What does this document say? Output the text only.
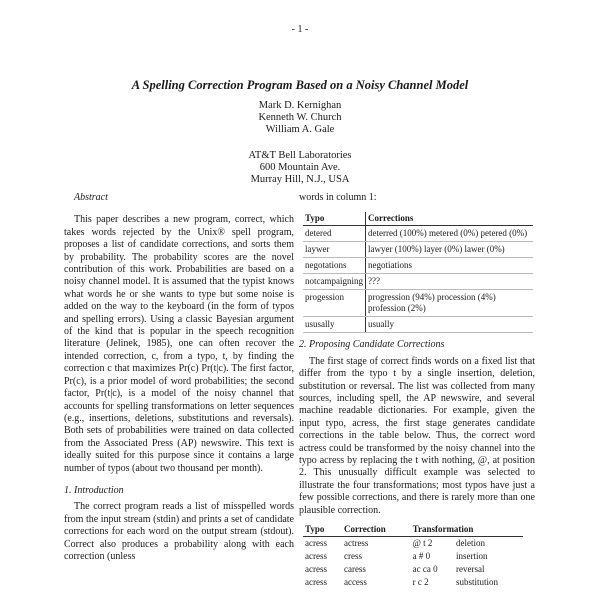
- 1 -
A Spelling Correction Program Based on a Noisy Channel Model
Mark D. Kernighan
Kenneth W. Church
William A. Gale
AT&T Bell Laboratories
600 Mountain Ave.
Murray Hill, N.J., USA
Abstract

This paper describes a new program, correct, which takes words rejected by the Unix® spell program, proposes a list of candidate corrections, and sorts them by probability. The probability scores are the novel contribution of this work. Probabilities are based on a noisy channel model. It is assumed that the typist knows what words he or she wants to type but some noise is added on the way to the keyboard (in the form of typos and spelling errors). Using a classic Bayesian argument of the kind that is popular in the speech recognition literature (Jelinek, 1985), one can often recover the intended correction, c, from a typo, t, by finding the correction c that maximizes Pr(c) Pr(t|c). The first factor, Pr(c), is a prior model of word probabilities; the second factor, Pr(t|c), is a model of the noisy channel that accounts for spelling transformations on letter sequences (e.g., insertions, deletions, substitutions and reversals). Both sets of probabilities were trained on data collected from the Associated Press (AP) newswire. This text is ideally suited for this purpose since it contains a large number of typos (about two thousand per month).

1. Introduction

The correct program reads a list of misspelled words from the input stream (stdin) and prints a set of candidate corrections for each word on the output stream (stdout). Correct also produces a probability along with each correction (unless

words in column 1:
Typo	Corrections
detered	deterred (100%) metered (0%) petered (0%)
laywer	lawyer (100%) layer (0%) lawer (0%)
negotations	negotiations
notcampaigning	???
progession	progression (94%) procession (4%) profession (2%)
ususally	usually
2. Proposing Candidate Corrections

The first stage of correct finds words on a fixed list that differ from the typo t by a single insertion, deletion, substitution or reversal. The list was collected from many sources, including spell, the AP newswire, and several machine readable dictionaries. For example, given the input typo, acress, the first stage generates candidate corrections in the table below. Thus, the correct word actress could be transformed by the noisy channel into the typo acress by replacing the t with nothing, @, at position 2. This unusually difficult example was selected to illustrate the four transformations; most typos have just a few possible corrections, and there is rarely more than one plausible correction.

Typo	Correction	Transformation	
acress	actress	@ t 2	deletion
acress	cress	a # 0	insertion
acress	caress	ac ca 0	reversal
acress	access	r c 2	substitution
